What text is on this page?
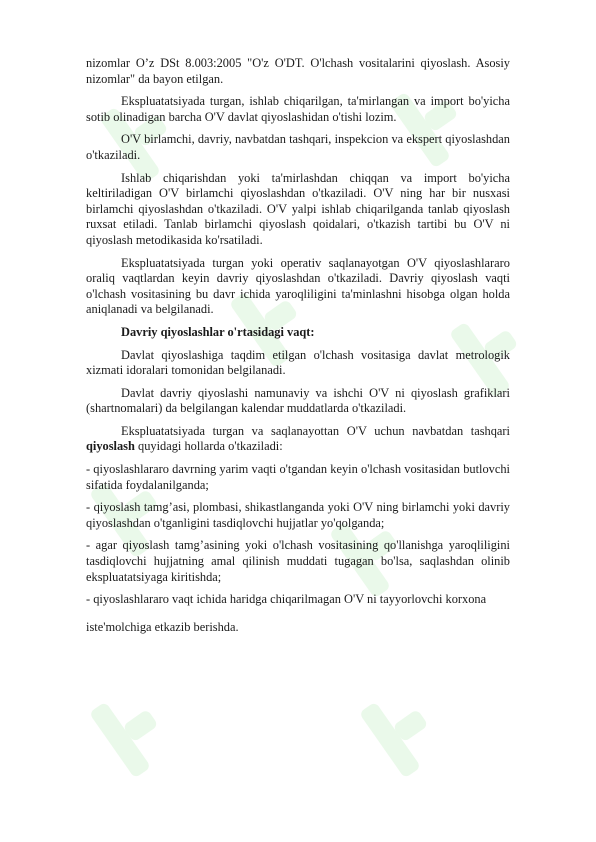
nizomlar O’z DSt 8.003:2005 "O'z O'DT. O'lchash vositalarini qiyoslash. Asosiy nizomlar" da bayon etilgan.

Ekspluatatsiyada turgan, ishlab chiqarilgan, ta'mirlangan va import bo'yicha sotib olinadigan barcha O'V davlat qiyoslashidan o'tishi lozim.

O'V birlamchi, davriy, navbatdan tashqari, inspekcion va ekspert qiyoslashdan o'tkaziladi.

Ishlab chiqarishdan yoki ta'mirlashdan chiqqan va import bo'yicha keltiriladigan O'V birlamchi qiyoslashdan o'tkaziladi. O'V ning har bir nusxasi birlamchi qiyoslashdan o'tkaziladi. O'V yalpi ishlab chiqarilganda tanlab qiyoslash ruxsat etiladi. Tanlab birlamchi qiyoslash qoidalari, o'tkazish tartibi bu O'V ni qiyoslash metodikasida ko'rsatiladi.

Ekspluatatsiyada turgan yoki operativ saqlanayotgan O'V qiyoslashlararo oraliq vaqtlardan keyin davriy qiyoslashdan o'tkaziladi. Davriy qiyoslash vaqti o'lchash vositasining bu davr ichida yaroqliligini ta'minlashni hisobga olgan holda aniqlanadi va belgilanadi.

Davriy qiyoslashlar o'rtasidagi vaqt:

Davlat qiyoslashiga taqdim etilgan o'lchash vositasiga davlat metrologik xizmati idoralari tomonidan belgilanadi.

Davlat davriy qiyoslashi namunaviy va ishchi O'V ni qiyoslash grafiklari (shartnomalari) da belgilangan kalendar muddatlarda o'tkaziladi.

Ekspluatatsiyada turgan va saqlanayottan O'V uchun navbatdan tashqari qiyoslash quyidagi hollarda o'tkaziladi:

- qiyoslashlararo davrning yarim vaqti o'tgandan keyin o'lchash vositasidan butlovchi sifatida foydalanilganda;

- qiyoslash tamg’asi, plombasi, shikastlanganda yoki O'V ning birlamchi yoki davriy qiyoslashdan o'tganligini tasdiqlovchi hujjatlar yo'qolganda;

- agar qiyoslash tamg’asining yoki o'lchash vositasining qo'llanishga yaroqliligini tasdiqlovchi hujjatning amal qilinish muddati tugagan bo'lsa, saqlashdan olinib ekspluatatsiyaga kiritishda;

- qiyoslashlararo vaqt ichida haridga chiqarilmagan O'V ni tayyorlovchi korxona

iste'molchiga etkazib berishda.
